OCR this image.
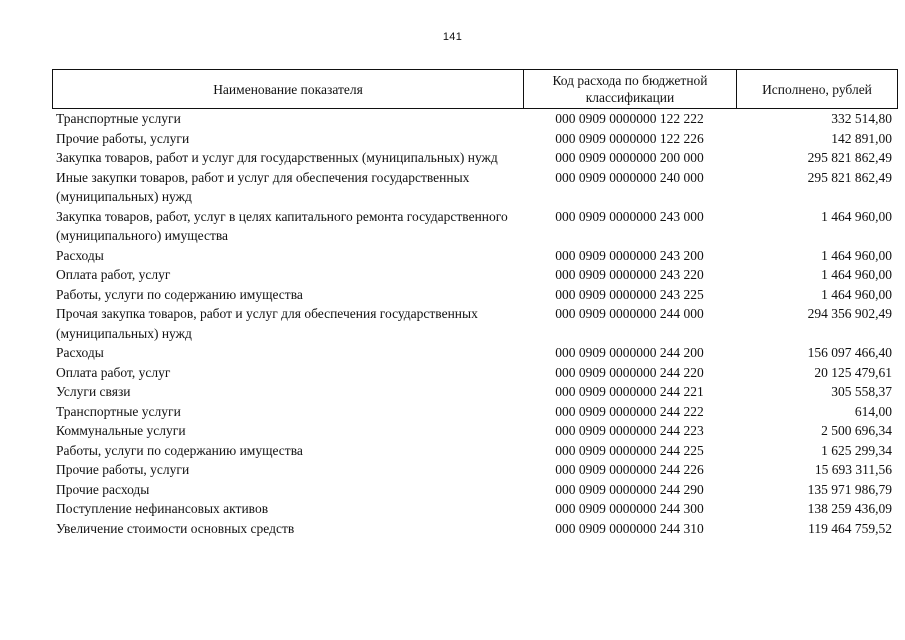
141
Наименование показателя
Код расхода по бюджетной классификации
Исполнено, рублей
Транспортные услуги	000 0909 0000000 122 222	332 514,80
Прочие работы, услуги	000 0909 0000000 122 226	142 891,00
Закупка товаров, работ и услуг для государственных (муниципальных) нужд	000 0909 0000000 200 000	295 821 862,49
Иные закупки товаров, работ и услуг для обеспечения государственных (муниципальных) нужд
000 0909 0000000 240 000	295 821 862,49
Закупка товаров, работ, услуг в целях капитального ремонта государственного (муниципального) имущества
000 0909 0000000 243 000	1 464 960,00
Расходы	000 0909 0000000 243 200	1 464 960,00
Оплата работ, услуг	000 0909 0000000 243 220	1 464 960,00
Работы, услуги по содержанию имущества	000 0909 0000000 243 225	1 464 960,00
Прочая закупка товаров, работ и услуг для обеспечения государственных (муниципальных) нужд
000 0909 0000000 244 000	294 356 902,49
Расходы	000 0909 0000000 244 200	156 097 466,40
Оплата работ, услуг	000 0909 0000000 244 220	20 125 479,61
Услуги связи	000 0909 0000000 244 221	305 558,37
Транспортные услуги	000 0909 0000000 244 222	614,00
Коммунальные услуги	000 0909 0000000 244 223	2 500 696,34
Работы, услуги по содержанию имущества	000 0909 0000000 244 225	1 625 299,34
Прочие работы, услуги	000 0909 0000000 244 226	15 693 311,56
Прочие расходы	000 0909 0000000 244 290	135 971 986,79
Поступление нефинансовых активов	000 0909 0000000 244 300	138 259 436,09
Увеличение стоимости основных средств	000 0909 0000000 244 310	119 464 759,52
